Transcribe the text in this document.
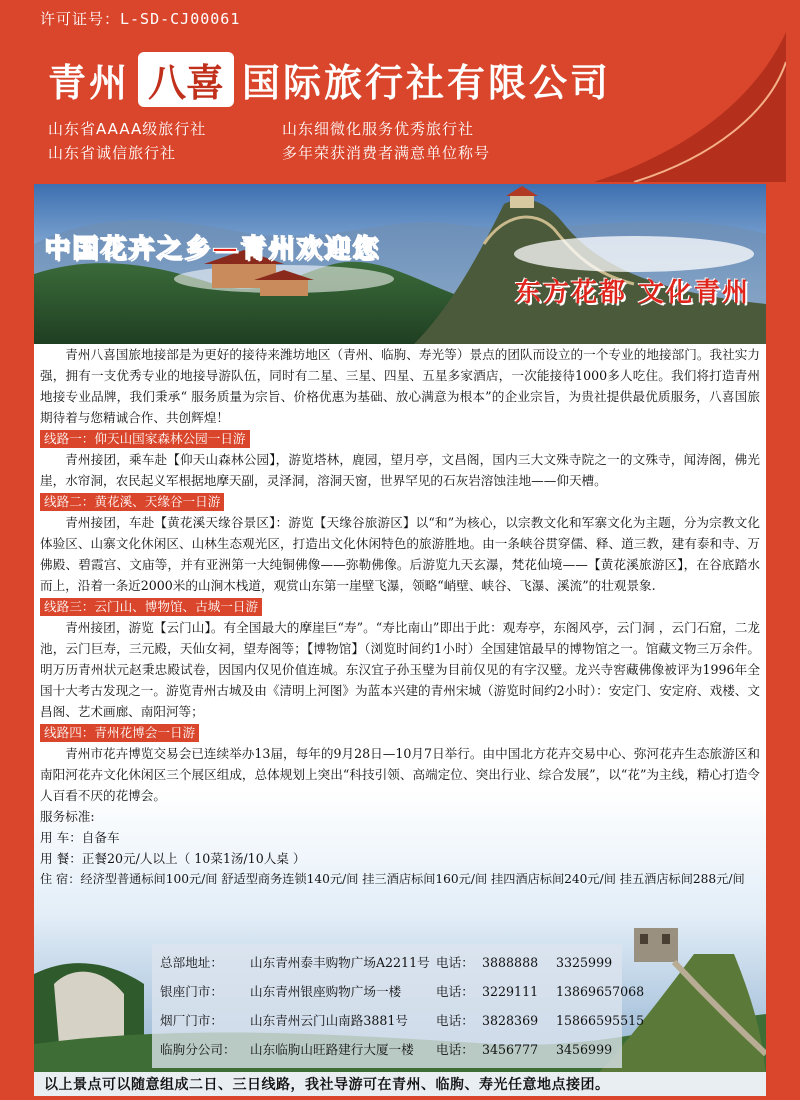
许可证号：L-SD-CJ00061
青州 八喜 国际旅行社有限公司
山东省AAAA级旅行社	山东细微化服务优秀旅行社
山东省诚信旅行社	多年荣获消费者满意单位称号
中国花卉之乡—青州欢迎您
东方花都 文化青州

青州八喜国旅地接部是为更好的接待来潍坊地区（青州、临朐、寿光等）景点的团队而设立的一个专业的地接部门。我社实力强，拥有一支优秀专业的地接导游队伍，同时有二星、三星、四星、五星多家酒店，一次能接待1000多人吃住。我们将打造青州地接专业品牌，我们秉承“ 服务质量为宗旨、价格优惠为基础、放心满意为根本”的企业宗旨，为贵社提供最优质服务，八喜国旅期待着与您精诚合作、共创辉煌！

线路一：仰天山国家森林公园一日游

青州接团，乘车赴【仰天山森林公园】，游览塔林，鹿园，望月亭，文昌阁，国内三大文殊寺院之一的文殊寺，闻涛阁，佛光崖，水帘洞，农民起义军根据地摩天副，灵泽洞，溶洞天窗，世界罕见的石灰岩溶蚀洼地——仰天槽。

线路二：黄花溪、天缘谷一日游

青州接团，车赴【黄花溪天缘谷景区】：游览【天缘谷旅游区】以“和”为核心，以宗教文化和军寨文化为主题，分为宗教文化体验区、山寨文化休闲区、山林生态观光区，打造出文化休闲特色的旅游胜地。由一条峡谷贯穿儒、释、道三教，建有泰和寺、万佛殿、碧霞宫、文庙等，并有亚洲第一大纯铜佛像——弥勒佛像。后游览九天玄瀑，梵花仙境——【黄花溪旅游区】，在谷底踏水而上，沿着一条近2000米的山涧木栈道，观赏山东第一崖壁飞瀑，领略“峭壁、峡谷、飞瀑、溪流”的壮观景象.

线路三：云门山、博物馆、古城一日游

青州接团，游览【云门山】。有全国最大的摩崖巨“寿”。“寿比南山”即出于此：观寿亭，东阁风亭，云门洞 ，云门石窟，二龙池，云门巨寿，三元殿，天仙女祠，望寿阁等；【博物馆】（浏览时间约1小时）全国建馆最早的博物馆之一。馆藏文物三万余件。明万历青州状元赵秉忠殿试卷，因国内仅见价值连城。东汉宜子孙玉璧为目前仅见的有字汉璧。龙兴寺窖藏佛像被评为1996年全国十大考古发现之一。游览青州古城及由《清明上河图》为蓝本兴建的青州宋城（游览时间约2小时）：安定门、安定府、戏楼、文昌阁、艺术画廊、南阳河等；

线路四：青州花博会一日游

青州市花卉博览交易会已连续举办13届，每年的9月28日—10月7日举行。由中国北方花卉交易中心、弥河花卉生态旅游区和南阳河花卉文化休闲区三个展区组成，总体规划上突出“科技引领、高端定位、突出行业、综合发展”，以“花”为主线，精心打造令人百看不厌的花博会。

服务标准:

用 车：自备车

用 餐：正餐20元/人以上（ 10菜1汤/10人桌 ）

住 宿：经济型普通标间100元/间 舒适型商务连锁140元/间 挂三酒店标间160元/间 挂四酒店标间240元/间 挂五酒店标间288元/间

总部地址： 山东青州泰丰购物广场A2211号 电话： 3888888 3325999
银座门市： 山东青州银座购物广场一楼	电话： 3229111 13869657068
烟厂门市： 山东青州云门山南路3881号 电话： 3828369 15866595515
临朐分公司： 山东临朐山旺路建行大厦一楼 电话： 3456777 3456999
以上景点可以随意组成二日、三日线路，我社导游可在青州、临朐、寿光任意地点接团。
